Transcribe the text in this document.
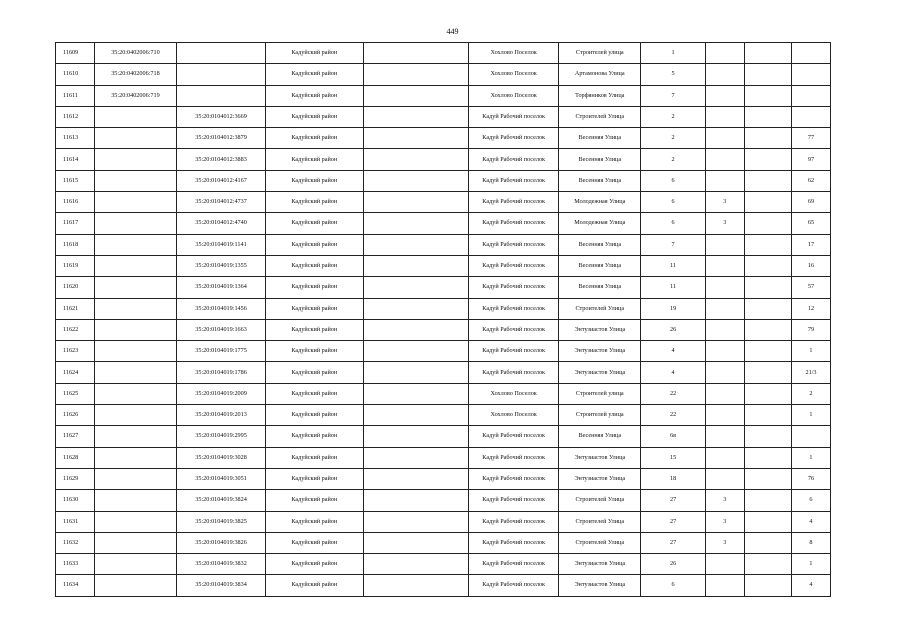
449
11609	35:20:0402006:710		Кадуйский район		Хохлово Поселок	Строителей улица	1			
11610	35:20:0402006:718		Кадуйский район		Хохлово Поселок	Артамонова Улица	5			
11611	35:20:0402006:719		Кадуйский район		Хохлово Поселок	Торфяников Улица	7			
11612		35:20:0104012:3669	Кадуйский район		Кадуй Рабочий поселок	Строителей Улица	2			
11613		35:20:0104012:3879	Кадуйский район		Кадуй Рабочий поселок	Весенняя Улица	2			77
11614		35:20:0104012:3883	Кадуйский район		Кадуй Рабочий поселок	Весенняя Улица	2			97
11615		35:20:0104012:4167	Кадуйский район		Кадуй Рабочий поселок	Весенняя Улица	6			62
11616		35:20:0104012:4737	Кадуйский район		Кадуй Рабочий поселок	Молодежная Улица	6	3		69
11617		35:20:0104012:4740	Кадуйский район		Кадуй Рабочий поселок	Молодежная Улица	6	3		65
11618		35:20:0104019:1141	Кадуйский район		Кадуй Рабочий поселок	Весенняя Улица	7			17
11619		35:20:0104019:1355	Кадуйский район		Кадуй Рабочий поселок	Весенняя Улица	11			16
11620		35:20:0104019:1364	Кадуйский район		Кадуй Рабочий поселок	Весенняя Улица	11			57
11621		35:20:0104019:1456	Кадуйский район		Кадуй Рабочий поселок	Строителей Улица	19			12
11622		35:20:0104019:1663	Кадуйский район		Кадуй Рабочий поселок	Энтузиастов Улица	26			79
11623		35:20:0104019:1775	Кадуйский район		Кадуй Рабочий поселок	Энтузиастов Улица	4			1
11624		35:20:0104019:1786	Кадуйский район		Кадуй Рабочий поселок	Энтузиастов Улица	4			21/3
11625		35:20:0104019:2009	Кадуйский район		Хохлово Поселок	Строителей улица	22			2
11626		35:20:0104019:2013	Кадуйский район		Хохлово Поселок	Строителей улица	22			1
11627		35:20:0104019:2995	Кадуйский район		Кадуй Рабочий поселок	Весенняя Улица	6в			
11628		35:20:0104019:3028	Кадуйский район		Кадуй Рабочий поселок	Энтузиастов Улица	15			1
11629		35:20:0104019:3051	Кадуйский район		Кадуй Рабочий поселок	Энтузиастов Улица	18			76
11630		35:20:0104019:3824	Кадуйский район		Кадуй Рабочий поселок	Строителей Улица	27	3		6
11631		35:20:0104019:3825	Кадуйский район		Кадуй Рабочий поселок	Строителей Улица	27	3		4
11632		35:20:0104019:3826	Кадуйский район		Кадуй Рабочий поселок	Строителей Улица	27	3		8
11633		35:20:0104019:3832	Кадуйский район		Кадуй Рабочий поселок	Энтузиастов Улица	26			1
11634		35:20:0104019:3834	Кадуйский район		Кадуй Рабочий поселок	Энтузиастов Улица	6			4
